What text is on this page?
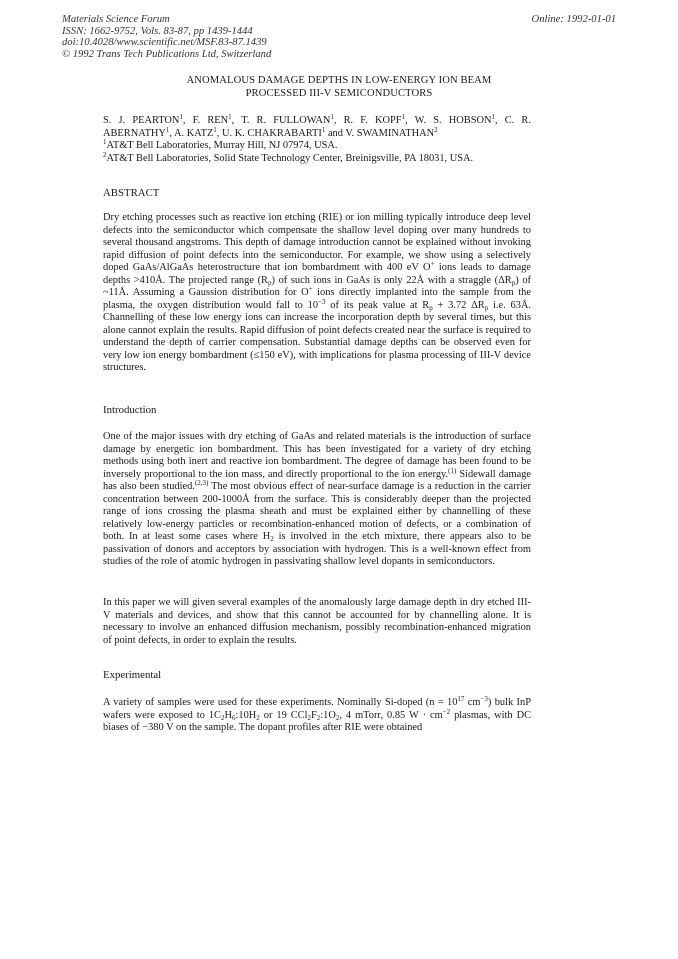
Materials Science Forum
ISSN: 1662-9752, Vols. 83-87, pp 1439-1444
doi:10.4028/www.scientific.net/MSF.83-87.1439
© 1992 Trans Tech Publications Ltd, Switzerland
Online: 1992-01-01
ANOMALOUS DAMAGE DEPTHS IN LOW-ENERGY ION BEAM
PROCESSED III-V SEMICONDUCTORS
S. J. PEARTON$^1$, F. REN$^1$, T. R. FULLOWAN$^1$, R. F. KOPF$^1$, W. S. HOBSON$^1$, C. R. ABERNATHY$^1$, A. KATZ$^1$, U. K. CHAKRABARTI$^1$ and V. SWAMINATHAN$^2$
$^1$AT&T Bell Laboratories, Murray Hill, NJ 07974, USA.
$^2$AT&T Bell Laboratories, Solid State Technology Center, Breinigsville, PA 18031, USA.
ABSTRACT
Dry etching processes such as reactive ion etching (RIE) or ion milling typically introduce deep level defects into the semiconductor which compensate the shallow level doping over many hundreds to several thousand angstroms. This depth of damage introduction cannot be explained without invoking rapid diffusion of point defects into the semiconductor. For example, we show using a selectively doped GaAs/AlGaAs heterostructure that ion bombardment with 400 eV O+ ions leads to damage depths >410Å. The projected range $(R_p)$ of such ions in GaAs is only 22Å with a straggle $(\Delta R_p)$ of ~11Å. Assuming a Gaussion distribution for O+ ions directly implanted into the sample from the plasma, the oxygen distribution would fall to $10^{-3}$ of its peak value at $R_p + 3.72$ $\Delta R_p$ i.e. 63Å. Channelling of these low energy ions can increase the incorporation depth by several times, but this alone cannot explain the results. Rapid diffusion of point defects created near the surface is required to understand the depth of carrier compensation. Substantial damage depths can be observed even for very low ion energy bombardment (≤150 eV), with implications for plasma processing of III-V device structures.
Introduction
One of the major issues with dry etching of GaAs and related materials is the introduction of surface damage by energetic ion bombardment. This has been investigated for a variety of dry etching methods using both inert and reactive ion bombardment. The degree of damage has been found to be inversely proportional to the ion mass, and directly proportional to the ion energy.$^{(1)}$ Sidewall damage has also been studied.$^{(2,3)}$ The most obvious effect of near-surface damage is a reduction in the carrier concentration between 200-1000Å from the surface. This is considerably deeper than the projected range of ions crossing the plasma sheath and must be explained either by channelling of these relatively low-energy particles or recombination-enhanced motion of defects, or a combination of both. In at least some cases where $H_2$ is involved in the etch mixture, there appears also to be passivation of donors and acceptors by association with hydrogen. This is a well-known effect from studies of the role of atomic hydrogen in passivating shallow level dopants in semiconductors.

In this paper we will given several examples of the anomalously large damage depth in dry etched III-V materials and devices, and show that this cannot be accounted for by channelling alone. It is necessary to involve an enhanced diffusion mechanism, possibly recombination-enhanced migration of point defects, in order to explain the results.

Experimental
A variety of samples were used for these experiments. Nominally Si-doped ($n = 10^{17}$ $cm^{-3}$) bulk InP wafers were exposed to $1C_2H_6:10H_2$ or 19 $CCl_2F_2:1O_2$, 4 mTorr, 0.85 $W \cdot cm^{-2}$ plasmas, with DC biases of −380 V on the sample. The dopant profiles after RIE were obtained
